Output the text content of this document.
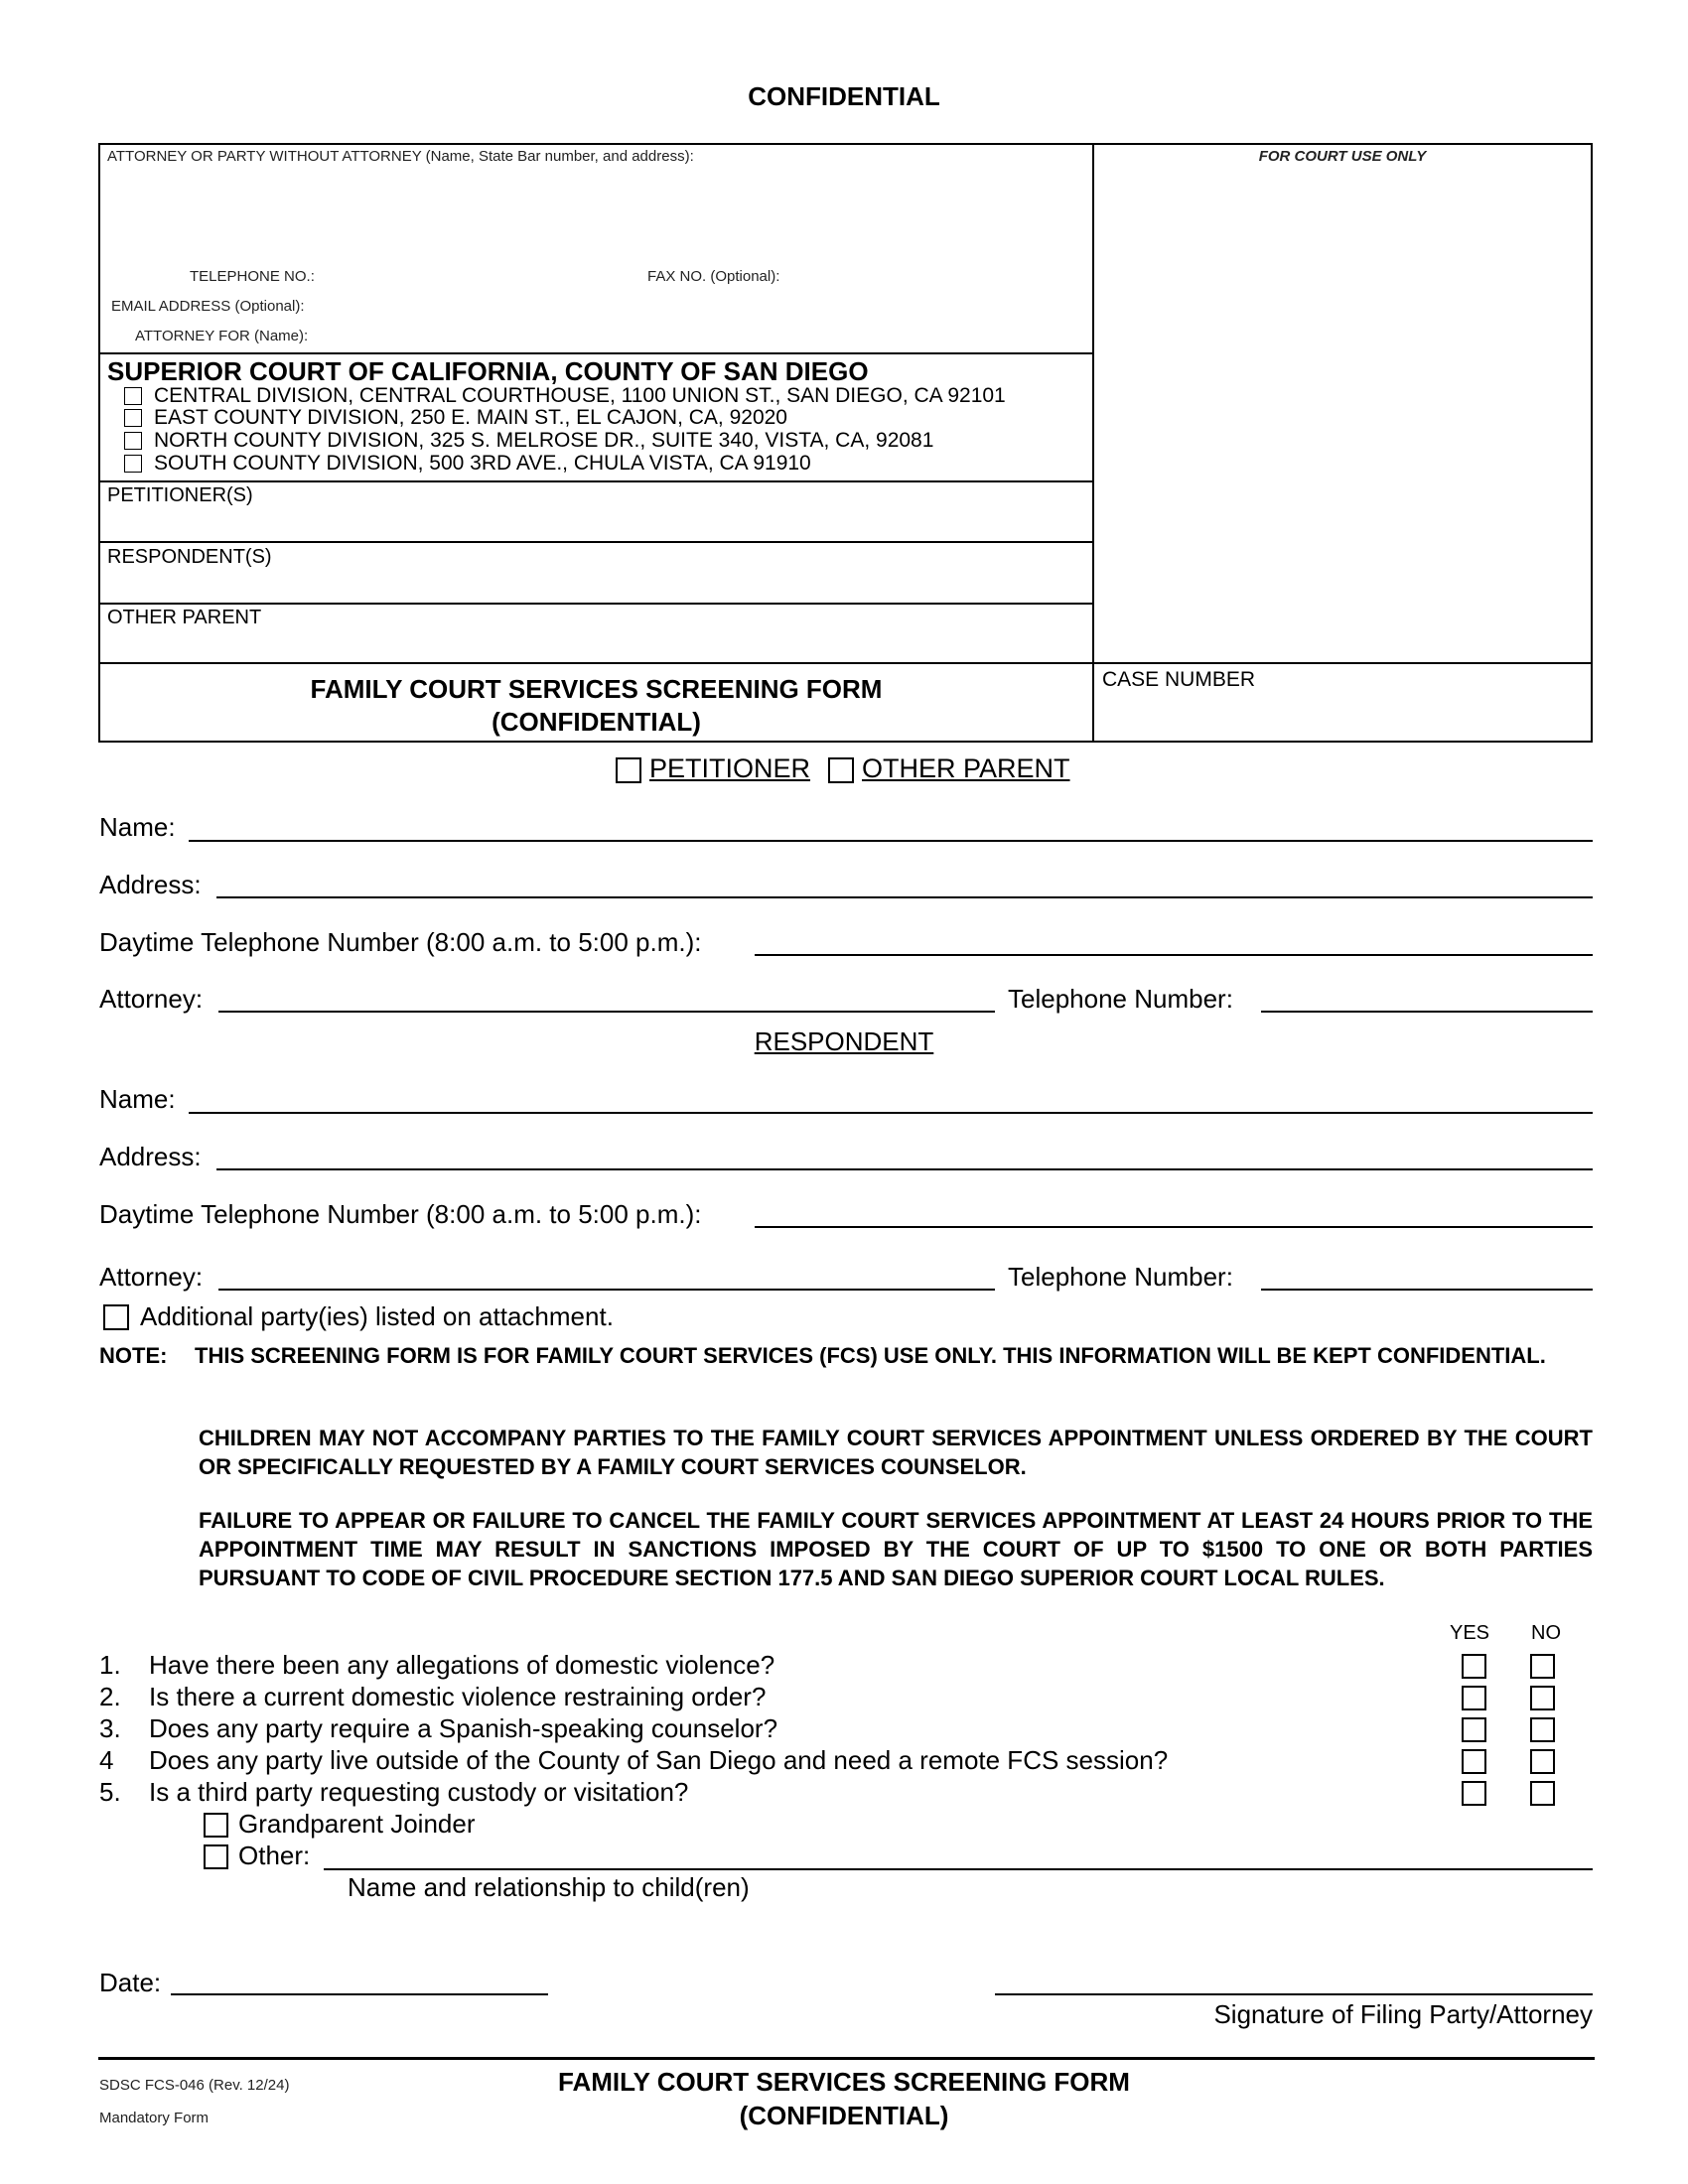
CONFIDENTIAL
ATTORNEY OR PARTY WITHOUT ATTORNEY (Name, State Bar number, and address):	FOR COURT USE ONLY
TELEPHONE NO.:	FAX NO. (Optional):
EMAIL ADDRESS (Optional):
ATTORNEY FOR (Name):
SUPERIOR COURT OF CALIFORNIA, COUNTY OF SAN DIEGO
CENTRAL DIVISION, CENTRAL COURTHOUSE, 1100 UNION ST., SAN DIEGO, CA 92101
EAST COUNTY DIVISION, 250 E. MAIN ST., EL CAJON, CA, 92020
NORTH COUNTY DIVISION, 325 S. MELROSE DR., SUITE 340, VISTA, CA, 92081
SOUTH COUNTY DIVISION, 500 3RD AVE., CHULA VISTA, CA 91910
PETITIONER(S)
RESPONDENT(S)
OTHER PARENT
FAMILY COURT SERVICES SCREENING FORM
(CONFIDENTIAL)
CASE NUMBER
PETITIONER OTHER PARENT
Name:
Address:
Daytime Telephone Number (8:00 a.m. to 5:00 p.m.):
Attorney:	Telephone Number:
RESPONDENT
Name:
Address:
Daytime Telephone Number (8:00 a.m. to 5:00 p.m.):
Attorney:	Telephone Number:
Additional party(ies) listed on attachment.
NOTE: THIS SCREENING FORM IS FOR FAMILY COURT SERVICES (FCS) USE ONLY. THIS INFORMATION WILL BE KEPT CONFIDENTIAL.
CHILDREN MAY NOT ACCOMPANY PARTIES TO THE FAMILY COURT SERVICES APPOINTMENT UNLESS ORDERED BY THE COURT OR SPECIFICALLY REQUESTED BY A FAMILY COURT SERVICES COUNSELOR.
FAILURE TO APPEAR OR FAILURE TO CANCEL THE FAMILY COURT SERVICES APPOINTMENT AT LEAST 24 HOURS PRIOR TO THE APPOINTMENT TIME MAY RESULT IN SANCTIONS IMPOSED BY THE COURT OF UP TO $1500 TO ONE OR BOTH PARTIES PURSUANT TO CODE OF CIVIL PROCEDURE SECTION 177.5 AND SAN DIEGO SUPERIOR COURT LOCAL RULES.
YES NO
1. Have there been any allegations of domestic violence?
2. Is there a current domestic violence restraining order?
3. Does any party require a Spanish-speaking counselor?
4 Does any party live outside of the County of San Diego and need a remote FCS session?
5. Is a third party requesting custody or visitation?
Grandparent Joinder
Other:
Name and relationship to child(ren)
Date:
Signature of Filing Party/Attorney
SDSC FCS-046 (Rev. 12/24)
Mandatory Form
FAMILY COURT SERVICES SCREENING FORM
(CONFIDENTIAL)
